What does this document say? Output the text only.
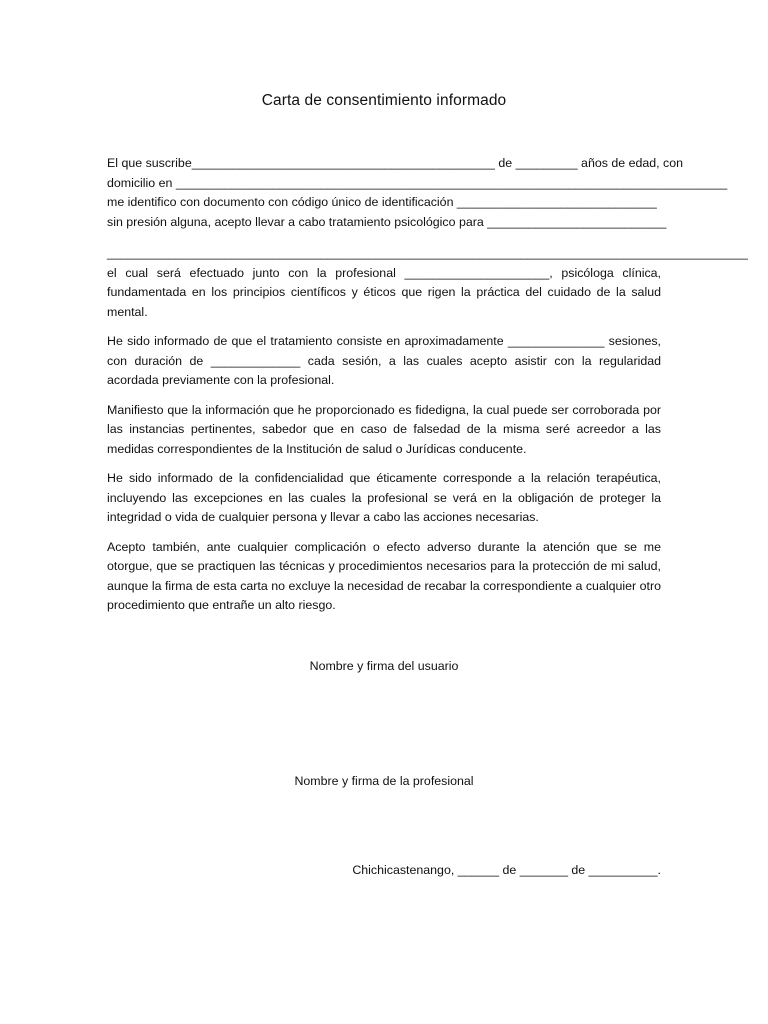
Carta de consentimiento informado
El que suscribe____________________________________________ de _________ años de edad, con
domicilio en ________________________________________________________________________________
me identifico con documento con código único de identificación _____________________________
sin presión alguna, acepto llevar a cabo tratamiento psicológico para __________________________
_____________________________________________________________________________________________

el cual será efectuado junto con la profesional _____________________, psicóloga clínica, fundamentada en los principios científicos y éticos que rigen la práctica del cuidado de la salud mental.

He sido informado de que el tratamiento consiste en aproximadamente ______________ sesiones, con duración de _____________ cada sesión, a las cuales acepto asistir con la regularidad acordada previamente con la profesional.

Manifiesto que la información que he proporcionado es fidedigna, la cual puede ser corroborada por las instancias pertinentes, sabedor que en caso de falsedad de la misma seré acreedor a las medidas correspondientes de la Institución de salud o Jurídicas conducente.

He sido informado de la confidencialidad que éticamente corresponde a la relación terapéutica, incluyendo las excepciones en las cuales la profesional se verá en la obligación de proteger la integridad o vida de cualquier persona y llevar a cabo las acciones necesarias.

Acepto también, ante cualquier complicación o efecto adverso durante la atención que se me otorgue, que se practiquen las técnicas y procedimientos necesarios para la protección de mi salud, aunque la firma de esta carta no excluye la necesidad de recabar la correspondiente a cualquier otro procedimiento que entrañe un alto riesgo.

Nombre y firma del usuario
Nombre y firma de la profesional
Chichicastenango, ______ de _______ de __________.
